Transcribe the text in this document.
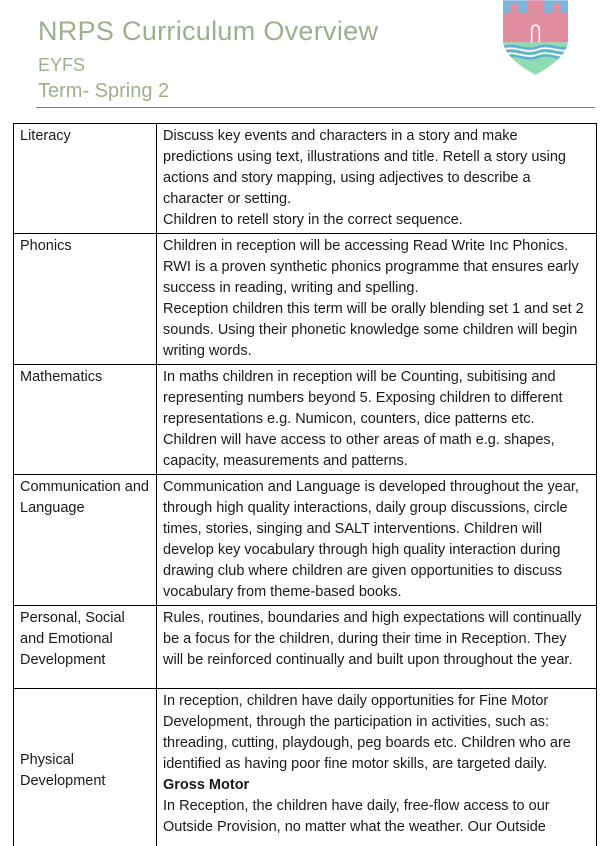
NRPS Curriculum Overview
EYFS
Term- Spring 2
Literacy	Discuss key events and characters in a story and make predictions using text, illustrations and title. Retell a story using actions and story mapping, using adjectives to describe a character or setting.

Children to retell story in the correct sequence.

Phonics	Children in reception will be accessing Read Write Inc Phonics. RWI is a proven synthetic phonics programme that ensures early success in reading, writing and spelling.

Reception children this term will be orally blending set 1 and set 2 sounds. Using their phonetic knowledge some children will begin writing words.

Mathematics	In maths children in reception will be Counting, subitising and representing numbers beyond 5. Exposing children to different representations e.g. Numicon, counters, dice patterns etc.

Children will have access to other areas of math e.g. shapes, capacity, measurements and patterns.

Communication and Language	Communication and Language is developed throughout the year, through high quality interactions, daily group discussions, circle times, stories, singing and SALT interventions. Children will develop key vocabulary through high quality interaction during drawing club where children are given opportunities to discuss vocabulary from theme-based books.

Personal, Social and Emotional Development	Rules, routines, boundaries and high expectations will continually be a focus for the children, during their time in Reception. They will be reinforced continually and built upon throughout the year.

Physical Development	In reception, children have daily opportunities for Fine Motor Development, through the participation in activities, such as: threading, cutting, playdough, peg boards etc. Children who are identified as having poor fine motor skills, are targeted daily.

Gross Motor

In Reception, the children have daily, free-flow access to our Outside Provision, no matter what the weather. Our Outside
